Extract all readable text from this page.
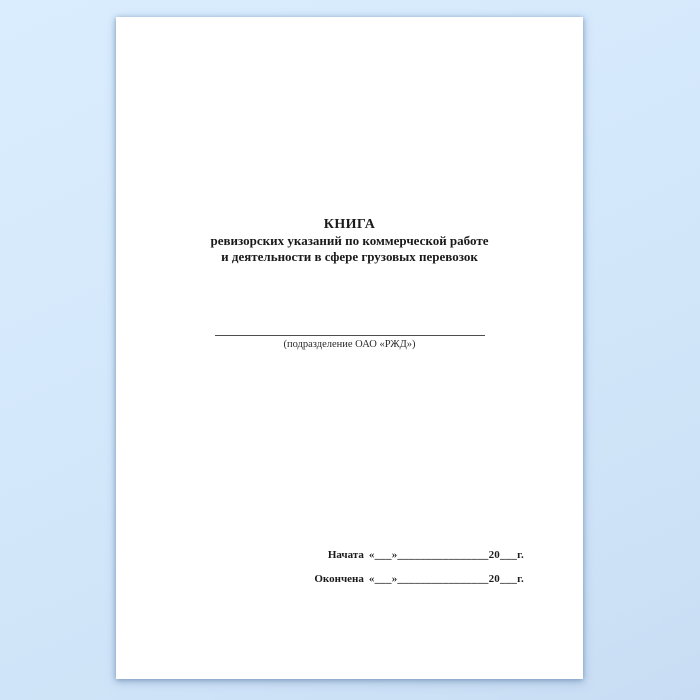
КНИГА
ревизорских указаний по коммерческой работе
и деятельности в сфере грузовых перевозок
(подразделение ОАО «РЖД»)
Начата «___»________________20___г.
Окончена «___»________________20___г.
